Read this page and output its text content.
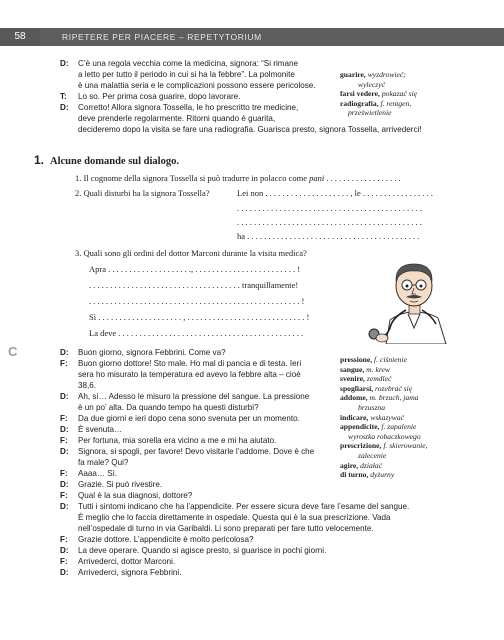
58	RIPETERE PER PIACERE – REPETYTORIUM
D: C’è una regola vecchia come la medicina, signora: “Si rimane
a letto per tutto il periodo in cui si ha la febbre”. La polmonite
è una malattia seria e le complicazioni possono essere pericolose.
T: Lo so. Per prima cosa guarire, dopo lavorare.
D: Corretto! Allora signora Tossella, le ho prescritto tre medicine,
deve prenderle regolarmente. Ritorni quando è guarita,
decideremo dopo la visita se fare una radiografia. Guarisca presto, signora Tossella, arrivederci!
guarire, wyzdrowieć;
wyleczyć
farsi vedere, pokazać się
radiografia, f. rentgen,
prześwietlenie
1. Alcune domande sul dialogo.
1. Il cognome della signora Tossella si può tradurre in polacco come pani . . . . . . . . . . . . . . . . . .
2. Quali disturbi ha la signora Tossella?	Lei non . . . . . . . . . . . . . . . . . . . . , le . . . . . . . . . . . . . . . . .
. . . . . . . . . . . . . . . . . . . . . . . . . . . . . . . . . . . . . . . . . . . .
. . . . . . . . . . . . . . . . . . . . . . . . . . . . . . . . . . . . . . . . . . . .
ha . . . . . . . . . . . . . . . . . . . . . . . . . . . . . . . . . . . . . . . . .
3. Quali sono gli ordini del dottor Marconi durante la visita medica?
Apra . . . . . . . . . . . . . . . . . . . ., . . . . . . . . . . . . . . . . . . . . . . . . !
. . . . . . . . . . . . . . . . . . . . . . . . . . . . . . . . . . . . tranquillamente!
. . . . . . . . . . . . . . . . . . . . . . . . . . . . . . . . . . . . . . . . . . . . . . . . . . !
Sì . . . . . . . . . . . . . . . . . . . . , . . . . . . . . . . . . . . . . . . . . . . . . . . . . !
La deve . . . . . . . . . . . . . . . . . . . . . . . . . . . . . . . . . . . . . . . . . . . .
C	D: Buon giorno, signora Febbrini. Come va?
F: Buon giorno dottore! Sto male. Ho mal di pancia e di testa. Ieri
sera ho misurato la temperatura ed avevo la febbre alta – cioè
38,6.
D: Ah, sì… Adesso le misuro la pressione del sangue. La pressione
è un po’ alta. Da quando tempo ha questi disturbi?
F: Da due giorni e ieri dopo cena sono svenuta per un momento.
D: È svenuta…
F: Per fortuna, mia sorella era vicino a me e mi ha aiutato.
D: Signora, si spogli, per favore! Devo visitarle l’addome. Dove è che
fa male? Qui?
F: Aaaa… Sì.
D: Grazie. Si può rivestire.
F: Qual è la sua diagnosi, dottore?
D: Tutti i sintomi indicano che ha l’appendicite. Per essere sicura deve fare l’esame del sangue.
È meglio che lo faccia direttamente in ospedale. Questa qui è la sua prescrizione. Vada
nell’ospedale di turno in via Garibaldi. Li sono preparati per fare tutto velocemente.
F: Grazie dottore. L’appendicite è molto pericolosa?
D: La deve operare. Quando si agisce presto, si guarisce in pochi giorni.
F: Arrivederci, dottor Marconi.
D: Arrivederci, signora Febbrini.
pressione, f. ciśnienie
sangue, m. krew
svenire, zemdleć
spogliarsi, rozebrać się
addome, m. brzuch, jama
brzuszna
indicare, wskazywać
appendicite, f. zapalenie
wyrostka robaczkowego
prescrizione, f. skierowanie,
zalecenie
agire, działać
di turno, dyżurny
